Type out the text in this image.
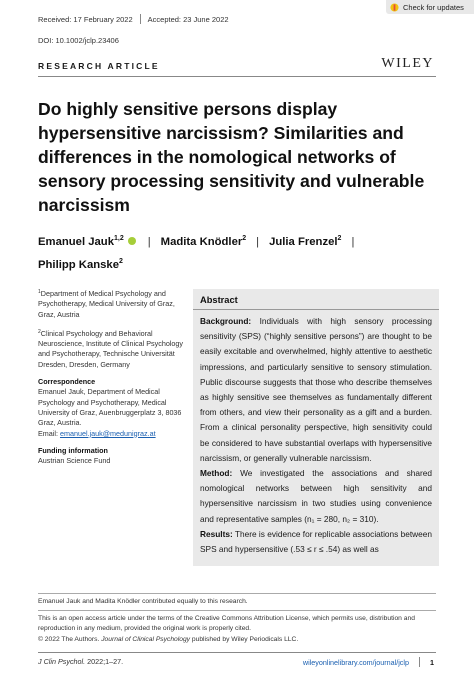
Received: 17 February 2022 Accepted: 23 June 2022
DOI: 10.1002/jclp.23406
Check for updates
RESEARCH ARTICLE	WILEY
Do highly sensitive persons display hypersensitive narcissism? Similarities and differences in the nomological networks of sensory processing sensitivity and vulnerable narcissism
Emanuel Jauk$^{1,2}$ | Madita Knödler$^2$ | Julia Frenzel$^2$ |
Philipp Kanske$^2$
$^1$Department of Medical Psychology and Psychotherapy, Medical University of Graz, Graz, Austria
$^2$Clinical Psychology and Behavioral Neuroscience, Institute of Clinical Psychology and Psychotherapy, Technische Universität Dresden, Dresden, Germany
Correspondence
Emanuel Jauk, Department of Medical Psychology and Psychotherapy, Medical University of Graz, Auenbruggerplatz 3, 8036 Graz, Austria.
Email: emanuel.jauk@medunigraz.at
Funding information
Austrian Science Fund
Abstract

Background: Individuals with high sensory processing sensitivity (SPS) (“highly sensitive persons”) are thought to be easily excitable and overwhelmed, highly attentive to aesthetic impressions, and particularly sensitive to sensory stimulation. Public discourse suggests that those who describe themselves as highly sensitive see themselves as fundamentally different from others, and view their personality as a gift and a burden. From a clinical personality perspective, high sensitivity could be considered to have substantial overlaps with hypersensitive narcissism, or generally vulnerable narcissism.
Method: We investigated the associations and shared nomological networks between high sensitivity and hypersensitive narcissism in two studies using convenience and representative samples (n₁ = 280, n₂ = 310).
Results: There is evidence for replicable associations between SPS and hypersensitive (.53 ≤ r ≤ .54) as well as

Emanuel Jauk and Madita Knödler contributed equally to this research.
This is an open access article under the terms of the Creative Commons Attribution License, which permits use, distribution and reproduction in any medium, provided the original work is properly cited.
© 2022 The Authors. Journal of Clinical Psychology published by Wiley Periodicals LLC.
J Clin Psychol. 2022;1–27.	wileyonlinelibrary.com/journal/jclp	1
